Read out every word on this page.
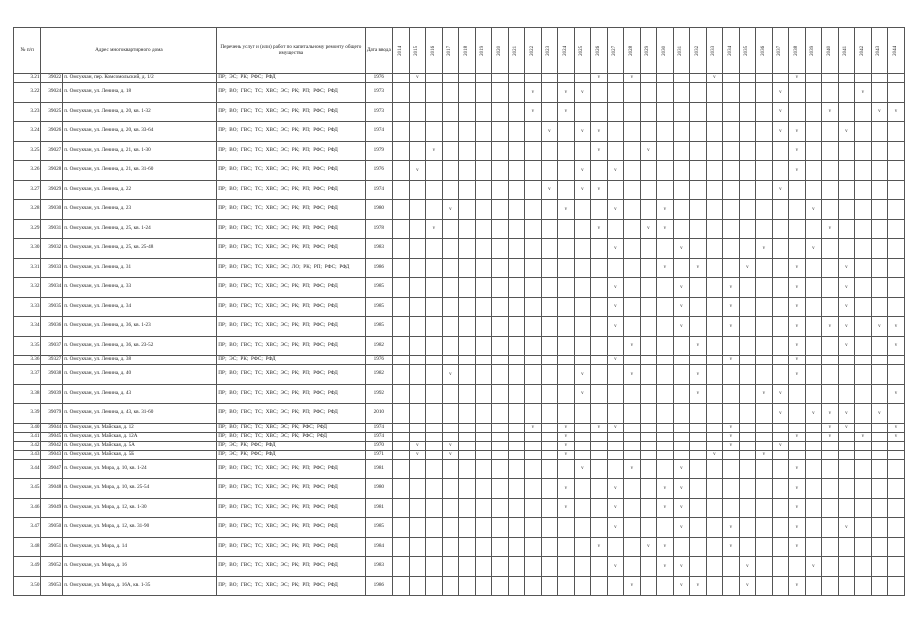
№ п/п	Адрес многоквартирного дома		Перечень услуг и (или) работ по капитальному ремонту общего имущества	Дата ввода	2014	2015	2016	2017	2018	2019	2020	2021	2022	2023	2024	2025	2026	2027	2028	2029	2030	2031	2032	2033	2034	2035	2036	2037	2038	2039	2040	2041	2042	2043	2044
3.21	39022	п. Омсукчан, пер. Комсомольский, д. 1/2	ПР; ЭС; РК; РФС; РФД	1976		v											v		v					v					v						
3.22	39024	п. Омсукчан, ул. Ленина, д. 18	ПР; ВО; ГВС; ТС; ХВС; ЭС; РК; РП; РФС; РФД	1973									v		v	v												v					v		
3.23	39025	п. Омсукчан, ул. Ленина, д. 20, кв. 1-32	ПР; ВО; ГВС; ТС; ХВС; ЭС; РК; РП; РФС; РФД	1973									v		v													v			v			v	v
3.24	39026	п. Омсукчан, ул. Ленина, д. 20, кв. 33-64	ПР; ВО; ГВС; ТС; ХВС; ЭС; РК; РП; РФС; РФД	1974										v		v	v											v	v			v			
3.25	39027	п. Омсукчан, ул. Ленина, д. 21, кв. 1-30	ПР; ВО; ГВС; ТС; ХВС; ЭС; РК; РП; РФС; РФД	1979			v										v			v									v						
3.26	39028	п. Омсукчан, ул. Ленина, д. 21, кв. 31-60	ПР; ВО; ГВС; ТС; ХВС; ЭС; РК; РП; РФС; РФД	1976		v										v		v											v						
3.27	39029	п. Омсукчан, ул. Ленина, д. 22	ПР; ВО; ГВС; ТС; ХВС; ЭС; РК; РП; РФС; РФД	1974										v		v	v											v							
3.28	39030	п. Омсукчан, ул. Ленина, д. 23	ПР; ВО; ГВС; ТС; ХВС; ЭС; РК; РП; РФС; РФД	1980				v							v			v			v									v					
3.29	39031	п. Омсукчан, ул. Ленина, д. 25, кв. 1-24	ПР; ВО; ГВС; ТС; ХВС; ЭС; РК; РП; РФС; РФД	1978			v										v			v	v										v				
3.30	39032	п. Омсукчан, ул. Ленина, д. 25, кв. 25-48	ПР; ВО; ГВС; ТС; ХВС; ЭС; РК; РП; РФС; РФД	1983														v				v					v			v					
3.31	39033	п. Омсукчан, ул. Ленина, д. 31	ПР; ВО; ГВС; ТС; ХВС; ЭС; ЛО; РК; РП; РФС; РФД	1986																	v		v			v			v			v			
3.32	39034	п. Омсукчан, ул. Ленина, д. 33	ПР; ВО; ГВС; ТС; ХВС; ЭС; РК; РП; РФС; РФД	1985														v				v			v				v			v			
3.33	39035	п. Омсукчан, ул. Ленина, д. 34	ПР; ВО; ГВС; ТС; ХВС; ЭС; РК; РП; РФС; РФД	1985														v				v			v				v			v			
3.34	39036	п. Омсукчан, ул. Ленина, д. 36, кв. 1-23	ПР; ВО; ГВС; ТС; ХВС; ЭС; РК; РП; РФС; РФД	1985														v				v			v				v		v	v		v	v
3.35	39037	п. Омсукчан, ул. Ленина, д. 36, кв. 23-52	ПР; ВО; ГВС; ТС; ХВС; ЭС; РК; РП; РФС; РФД	1982															v				v						v			v			v
3.36	39327	п. Омсукчан, ул. Ленина, д. 38	ПР; ЭС; РК; РФС; РФД	1976														v							v				v						
3.37	39038	п. Омсукчан, ул. Ленина, д. 40	ПР; ВО; ГВС; ТС; ХВС; ЭС; РК; РП; РФС; РФД	1982				v								v			v				v						v						
3.38	39039	п. Омсукчан, ул. Ленина, д. 43	ПР; ВО; ГВС; ТС; ХВС; ЭС; РК; РП; РФС; РФД	1992												v							v				v	v							v
3.39	39079	п. Омсукчан, ул. Ленина, д. 43, кв. 31-60	ПР; ВО; ГВС; ТС; ХВС; ЭС; РК; РП; РФС; РФД	2010																								v		v	v	v		v	
3.40	39044	п. Омсукчан, ул. Майская, д. 12	ПР; ВО; ГВС; ТС; ХВС; ЭС; РК; РФС; РФД	1974									v		v		v	v							v						v	v			v
3.41	39045	п. Омсукчан, ул. Майская, д. 12А	ПР; ВО; ГВС; ТС; ХВС; ЭС; РК; РФС; РФД	1974											v										v				v		v		v		v
3.42	39042	п. Омсукчан, ул. Майская, д. 5А	ПР; ЭС; РК; РФС; РФД	1970		v		v							v										v			v							
3.43	39043	п. Омсукчан, ул. Майская, д. 5Б	ПР; ЭС; РК; РФС; РФД	1971		v		v							v									v			v								
3.44	39047	п. Омсукчан, ул. Мира, д. 10, кв. 1-24	ПР; ВО; ГВС; ТС; ХВС; ЭС; РК; РП; РФС; РФД	1981												v			v			v							v						
3.45	39048	п. Омсукчан, ул. Мира, д. 10, кв. 25-54	ПР; ВО; ГВС; ТС; ХВС; ЭС; РК; РП; РФС; РФД	1980											v			v			v	v							v						
3.46	39049	п. Омсукчан, ул. Мира, д. 12, кв. 1-30	ПР; ВО; ГВС; ТС; ХВС; ЭС; РК; РП; РФС; РФД	1981											v			v			v	v							v						
3.47	39050	п. Омсукчан, ул. Мира, д. 12, кв. 31-90	ПР; ВО; ГВС; ТС; ХВС; ЭС; РК; РП; РФС; РФД	1985														v				v			v				v			v			
3.48	39051	п. Омсукчан, ул. Мира, д. 14	ПР; ВО; ГВС; ТС; ХВС; ЭС; РК; РП; РФС; РФД	1984													v			v	v				v				v						
3.49	39052	п. Омсукчан, ул. Мира, д. 16	ПР; ВО; ГВС; ТС; ХВС; ЭС; РК; РП; РФС; РФД	1983														v			v	v				v				v					
3.50	39053	п. Омсукчан, ул. Мира, д. 16А, кв. 1-35	ПР; ВО; ГВС; ТС; ХВС; ЭС; РК; РП; РФС; РФД	1986															v			v	v			v			v						
